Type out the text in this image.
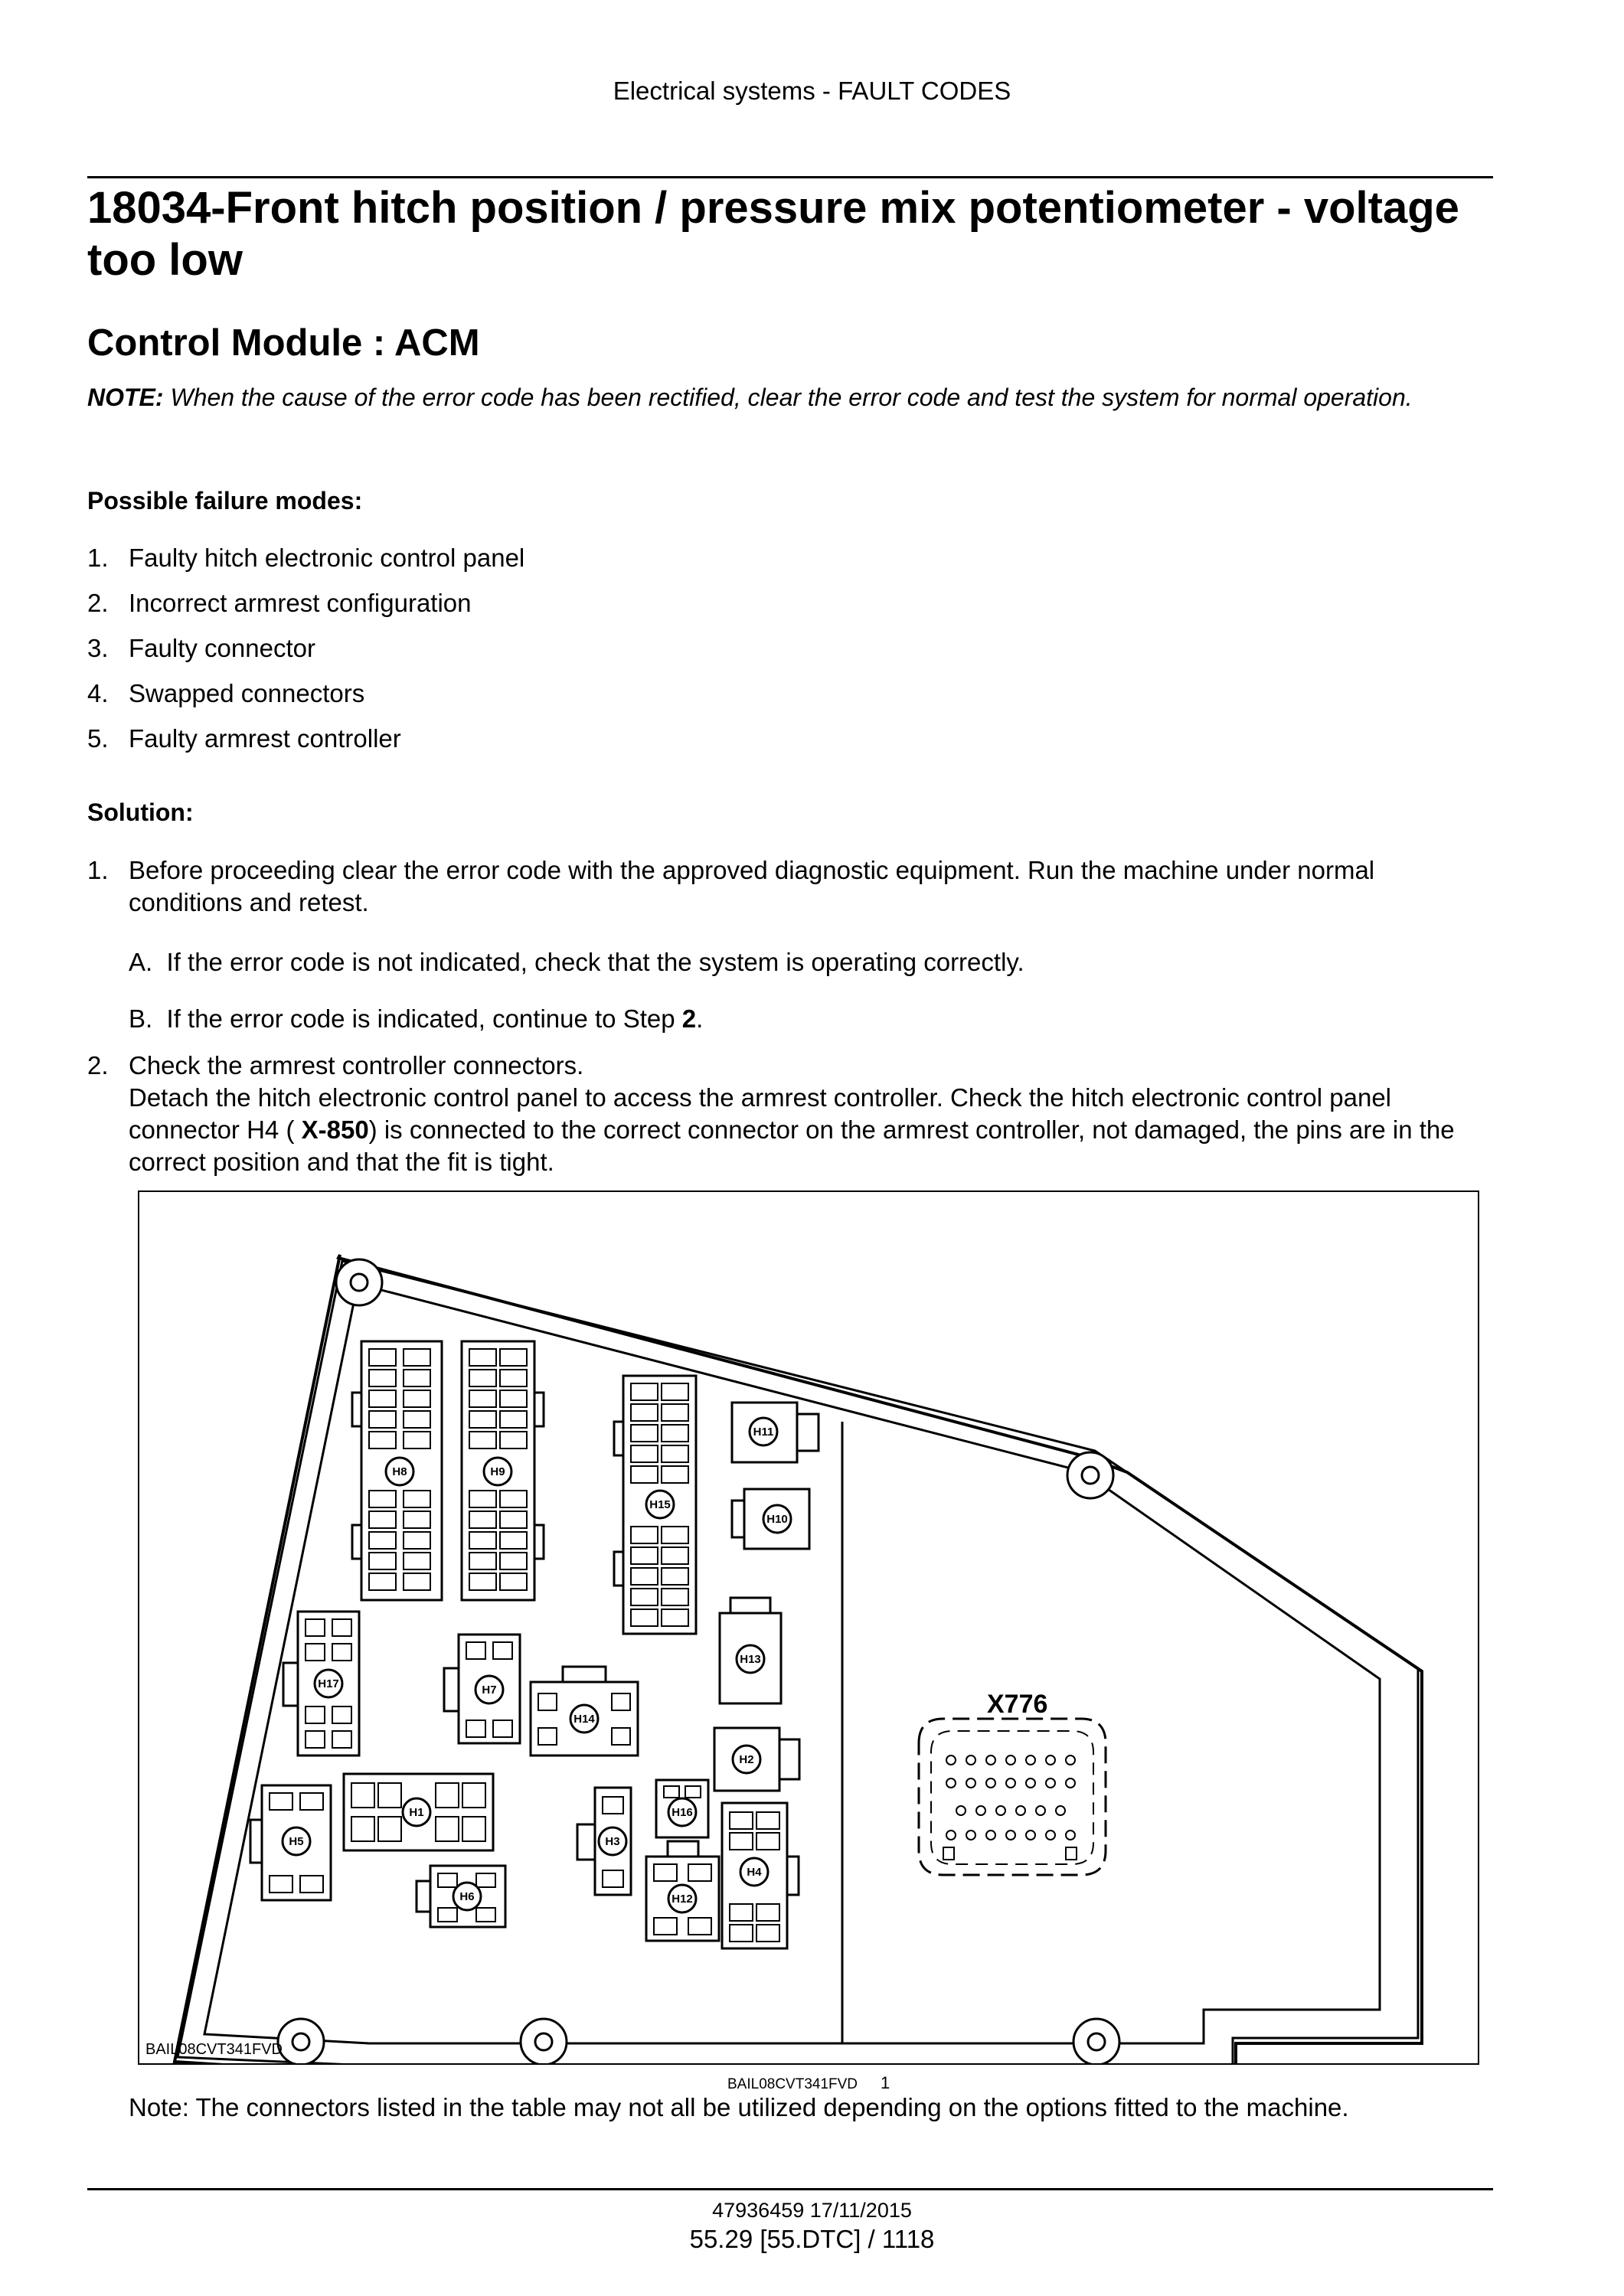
Electrical systems - FAULT CODES
18034-Front hitch position / pressure mix potentiometer - voltage too low
Control Module : ACM
NOTE: When the cause of the error code has been rectified, clear the error code and test the system for normal operation.
Possible failure modes:
1. Faulty hitch electronic control panel
2. Incorrect armrest configuration
3. Faulty connector
4. Swapped connectors
5. Faulty armrest controller
Solution:
1. Before proceeding clear the error code with the approved diagnostic equipment. Run the machine under normal conditions and retest.
A. If the error code is not indicated, check that the system is operating correctly.
B. If the error code is indicated, continue to Step 2.
2. Check the armrest controller connectors.
Detach the hitch electronic control panel to access the armrest controller. Check the hitch electronic control panel connector H4 ( X-850) is connected to the correct connector on the armrest controller, not damaged, the pins are in the correct position and that the fit is tight.
H8	H9
H15
H11
H10
H17	H7
H13
H14
H2
H1
H5	H3
H16
H12
H4
H6
X776
BAIL08CVT341FVD
BAIL08CVT341FVD 1
Note: The connectors listed in the table may not all be utilized depending on the options fitted to the machine.
47936459 17/11/2015
55.29 [55.DTC] / 1118
